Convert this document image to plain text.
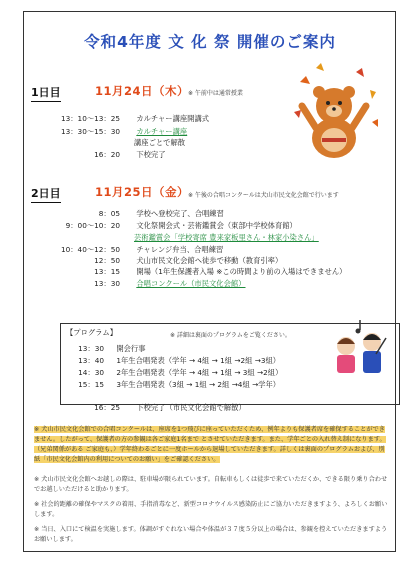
令和4年度 文 化 祭 開催のご案内
1日目	11月24日（木）
※ 午前中は通常授業
13：10～13：25 カルチャー講座開講式
13：30～15：30 カルチャー講座
講座ごとで解散
16：20 下校完了
2日目	11月25日（金）
※ 午後の合唱コンクールは犬山市民文化会館で行います
8：05 学校へ登校完了、合唱練習
9：00～10：20 文化祭開会式・芸術鑑賞会（東部中学校体育館）
芸術鑑賞会「学校寄席 豊来家板里さん・林家小染さん」
10：40～12：50 チャレンジ弁当、合唱練習
12：50 犬山市民文化会館へ徒歩で移動（教育引率）
13：15 開場（1年生保護者入場 ※この時間より前の入場はできません）
13：30 合唱コンクール（市民文化会館）
【プログラム】	※ 詳細は裏面のプログラムをご覧ください。
13：30 開会行事
13：40 1年生合唱発表（学年 → 4組 → 1組 →2組 →3組）
14：30 2年生合唱発表（学年 → 4組 → 1組 → 3組 →2組）
15：15 3年生合唱発表（3組 → 1組 → 2組 →4組 →学年）
16：25 下校完了（市民文化会館で解散）
※ 犬山市民文化会館での合唱コンクールは、座席を1つ飛びに座っていただくため、例年よりも保護者席を確保することができません。したがって、保護者の方の参観は各ご家庭1名まで とさせていただきます。また、学年ごとの入れ替え制になります。（兄弟関係がある ご家庭も、）学年終わるごとに一度ホールから退場していただきます。詳しくは裏面のプログラムおよび、別紙「市民文化会館内の利用についてのお願い」をご確認ください。
※ 犬山市民文化会館へお越しの際は、駐車場が限られています。自転車もしくは徒歩で来ていただくか、できる限り乗り合わせでお越しいただけると助かります。
※ 社会的距離の確保やマスクの着用、手指消毒など、新型コロナウイルス感染防止にご協力いただきますよう、よろしくお願いします。
※ 当日、入口にて検温を実施します。体調がすぐれない場合や体温が３７度５分以上の場合は、参観を控えていただきますようお願いします。
